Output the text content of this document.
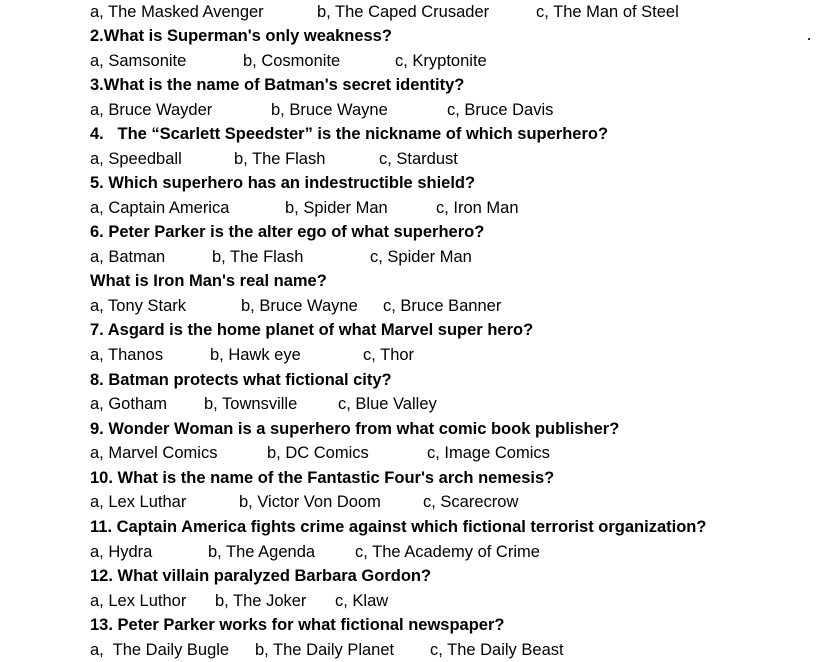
a, The Masked Avenger	b, The Caped Crusader	c, The Man of Steel
2.What is Superman's only weakness?
a, Samsonite	b, Cosmonite	c, Kryptonite
3.What is the name of Batman's secret identity?
a, Bruce Wayder	b, Bruce Wayne	c, Bruce Davis
4.   The “Scarlett Speedster” is the nickname of which superhero?
a, Speedball	b, The Flash	c, Stardust
5. Which superhero has an indestructible shield?
a, Captain America	b, Spider Man	c, Iron Man
6. Peter Parker is the alter ego of what superhero?
a, Batman	b, The Flash	c, Spider Man
What is Iron Man's real name?
a, Tony Stark	b, Bruce Wayne c, Bruce Banner
7. Asgard is the home planet of what Marvel super hero?
a, Thanos	b, Hawk eye	c, Thor
8. Batman protects what fictional city?
a, Gotham b, Townsville c, Blue Valley
9. Wonder Woman is a superhero from what comic book publisher?
a, Marvel Comics	b, DC Comics	c, Image Comics
10. What is the name of the Fantastic Four's arch nemesis?
a, Lex Luthar	b, Victor Von Doom	c, Scarecrow
11. Captain America fights crime against which fictional terrorist organization?
a, Hydra	b, The Agenda c, The Academy of Crime
12. What villain paralyzed Barbara Gordon?
a, Lex Luthor b, The Joker c, Klaw
13. Peter Parker works for what fictional newspaper?
a,  The Daily Bugle b, The Daily Planet c, The Daily Beast
